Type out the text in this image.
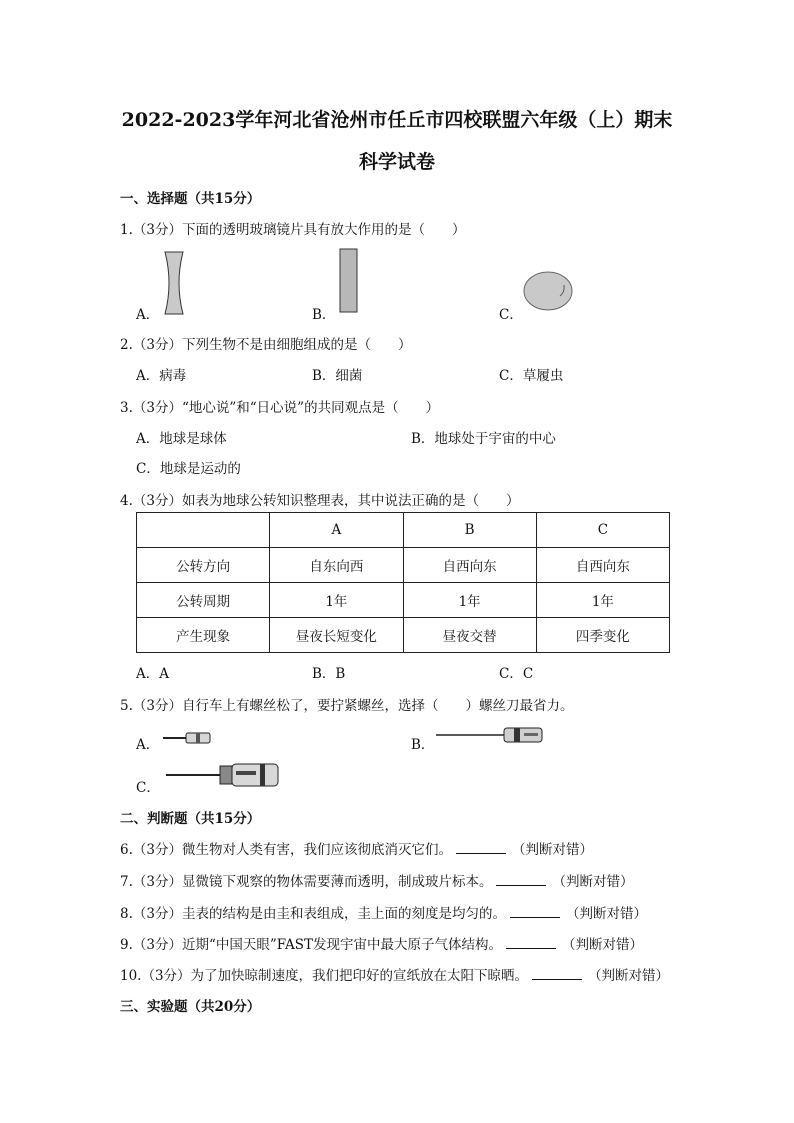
2022-2023学年河北省沧州市任丘市四校联盟六年级（上）期末
科学试卷
一、选择题（共15分）
1.（3分）下面的透明玻璃镜片具有放大作用的是（　　）
A．	B．	C．
2.（3分）下列生物不是由细胞组成的是（　　）
A．病毒	B．细菌	C．草履虫
3.（3分）“地心说”和“日心说”的共同观点是（　　）
A．地球是球体	B．地球处于宇宙的中心
C．地球是运动的
4.（3分）如表为地球公转知识整理表，其中说法正确的是（　　）
	A	B	C
公转方向	自东向西	自西向东	自西向东
公转周期	1年	1年	1年
产生现象	昼夜长短变化	昼夜交替	四季变化
A．A	B．B	C．C
5.（3分）自行车上有螺丝松了，要拧紧螺丝，选择（　　）螺丝刀最省力。
A．	B．
C．
二、判断题（共15分）
6.（3分）微生物对人类有害，我们应该彻底消灭它们。	（判断对错）
7.（3分）显微镜下观察的物体需要薄而透明，制成玻片标本。	（判断对错）
8.（3分）圭表的结构是由圭和表组成，圭上面的刻度是均匀的。	（判断对错）
9.（3分）近期“中国天眼”FAST发现宇宙中最大原子气体结构。	（判断对错）
10.（3分）为了加快晾制速度，我们把印好的宣纸放在太阳下晾晒。	（判断对错）
三、实验题（共20分）
